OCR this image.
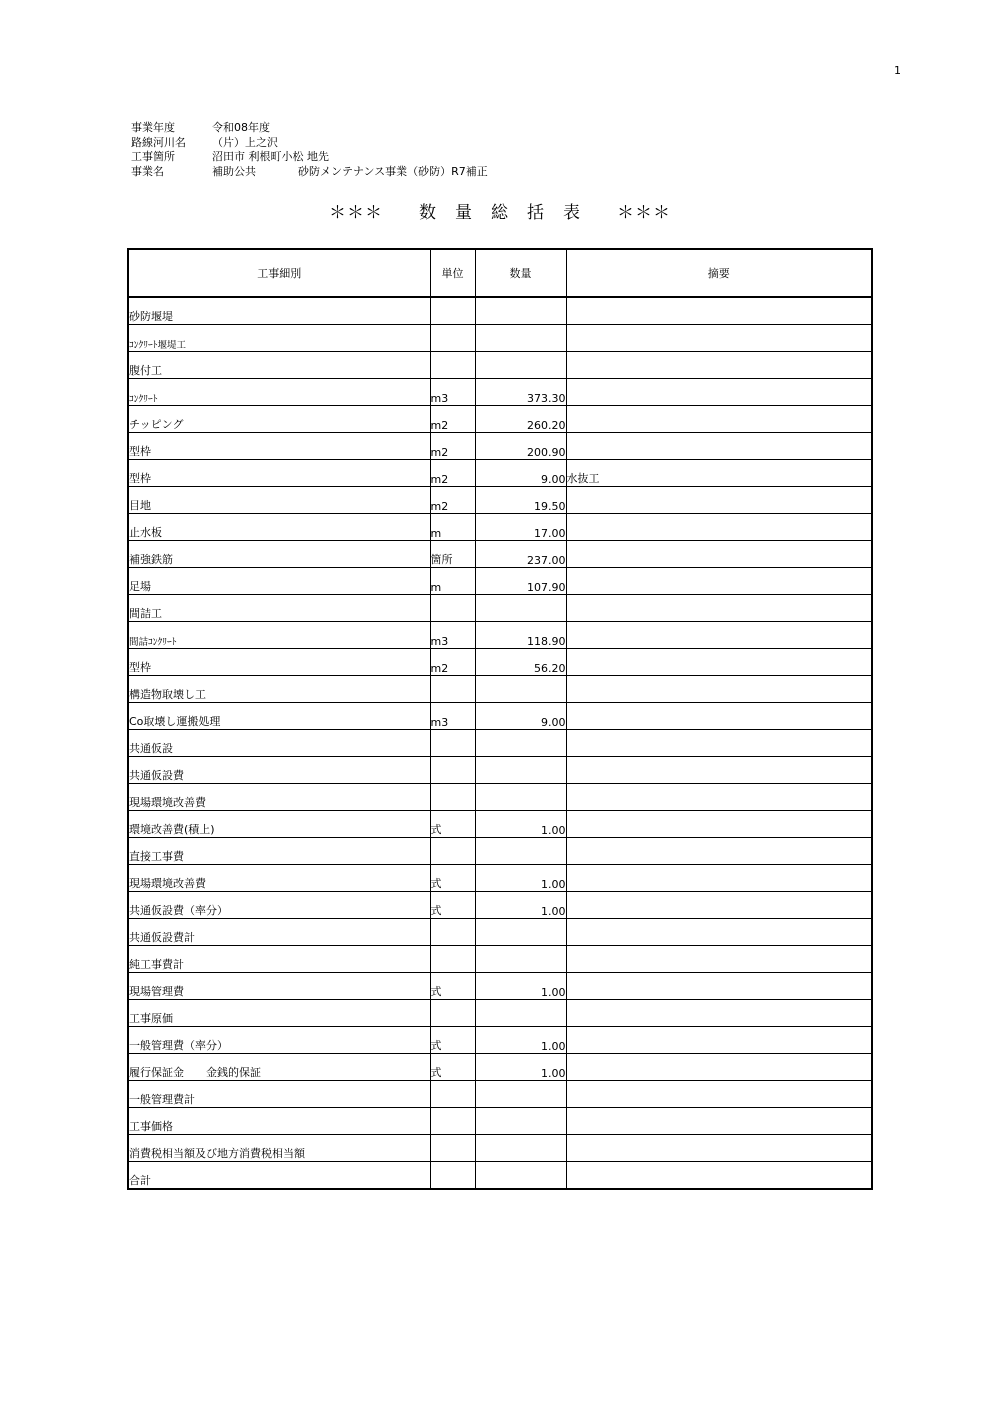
1
事業年度	令和08年度
路線河川名	（片）上之沢
工事箇所	沼田市 利根町小松 地先
事業名	補助公共	砂防メンテナンス事業（砂防）R7補正
＊＊＊　　数　量　総　括　表　　＊＊＊
工事細別	単位	数量	摘要
砂防堰堤			
ｺﾝｸﾘｰﾄ堰堤工			
腹付工			
ｺﾝｸﾘｰﾄ	m3	373.30	
チッピング	m2	260.20	
型枠	m2	200.90	
型枠	m2	9.00	水抜工
目地	m2	19.50	
止水板	m	17.00	
補強鉄筋	箇所	237.00	
足場	m	107.90	
間詰工			
間詰ｺﾝｸﾘｰﾄ	m3	118.90	
型枠	m2	56.20	
構造物取壊し工			
Co取壊し運搬処理	m3	9.00	
共通仮設			
共通仮設費			
現場環境改善費			
環境改善費(積上)	式	1.00	
直接工事費			
現場環境改善費	式	1.00	
共通仮設費（率分）	式	1.00	
共通仮設費計			
純工事費計			
現場管理費	式	1.00	
工事原価			
一般管理費（率分）	式	1.00	
履行保証金　　金銭的保証	式	1.00	
一般管理費計			
工事価格			
消費税相当額及び地方消費税相当額			
合計			
